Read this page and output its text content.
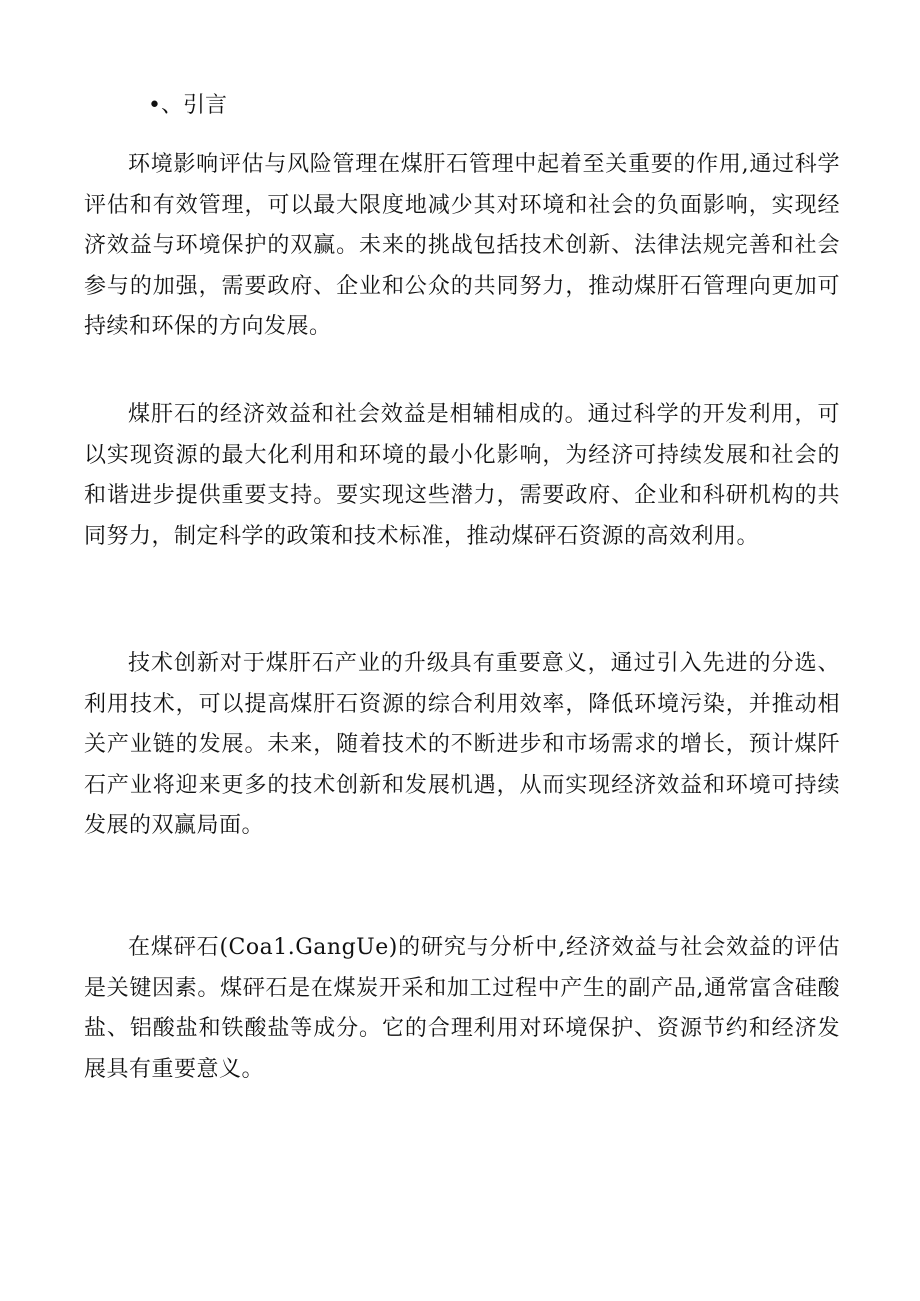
•、引言

环境影响评估与风险管理在煤肝石管理中起着至关重要的作用,通过科学评估和有效管理，可以最大限度地减少其对环境和社会的负面影响，实现经济效益与环境保护的双赢。未来的挑战包括技术创新、法律法规完善和社会参与的加强，需要政府、企业和公众的共同努力，推动煤肝石管理向更加可持续和环保的方向发展。

煤肝石的经济效益和社会效益是相辅相成的。通过科学的开发利用，可以实现资源的最大化利用和环境的最小化影响，为经济可持续发展和社会的和谐进步提供重要支持。要实现这些潜力，需要政府、企业和科研机构的共同努力，制定科学的政策和技术标准，推动煤砰石资源的高效利用。

技术创新对于煤肝石产业的升级具有重要意义，通过引入先进的分选、利用技术，可以提高煤肝石资源的综合利用效率，降低环境污染，并推动相关产业链的发展。未来，随着技术的不断进步和市场需求的增长，预计煤阡石产业将迎来更多的技术创新和发展机遇，从而实现经济效益和环境可持续发展的双赢局面。

在煤砰石(Coa1.GangUe)的研究与分析中,经济效益与社会效益的评估是关键因素。煤砰石是在煤炭开采和加工过程中产生的副产品,通常富含硅酸盐、铝酸盐和铁酸盐等成分。它的合理利用对环境保护、资源节约和经济发展具有重要意义。
